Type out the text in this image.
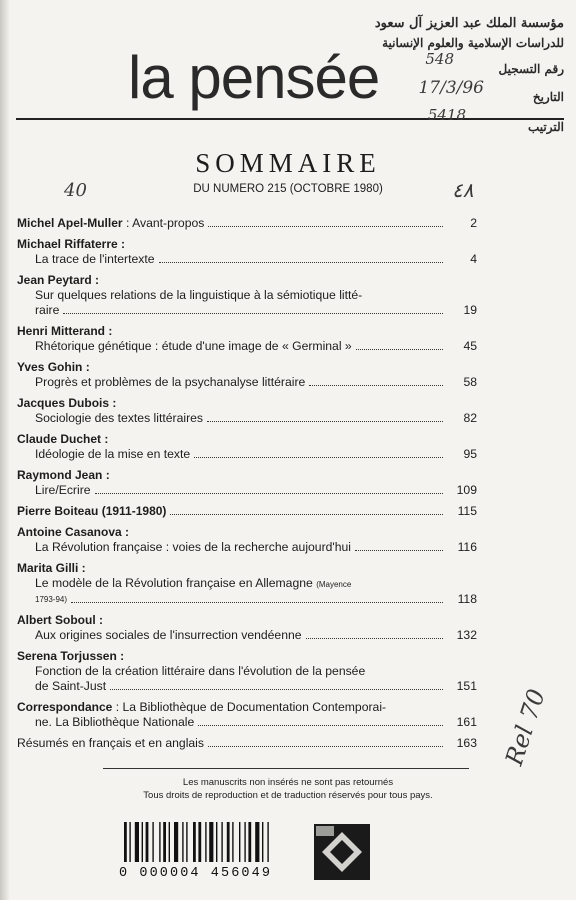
la pensée
مؤسسة الملك عبد العزيز آل سعود
للدراسات الإسلامية والعلوم الإنسانية
رقم التسجيل
التاريخ
الترتيب
548
17/3/96
5418
40	٤٨
Rel 70
SOMMAIRE
DU NUMERO 215 (OCTOBRE 1980)
Michel Apel-Muller : Avant-propos	2
Michael Riffaterre :
La trace de l'intertexte	4
Jean Peytard :
Sur quelques relations de la linguistique à la sémiotique litté-
raire	19
Henri Mitterand :
Rhétorique génétique : étude d'une image de « Germinal »	45
Yves Gohin :
Progrès et problèmes de la psychanalyse littéraire	58
Jacques Dubois :
Sociologie des textes littéraires	82
Claude Duchet :
Idéologie de la mise en texte	95
Raymond Jean :
Lire/Ecrire	109
Pierre Boiteau (1911-1980)	115
Antoine Casanova :
La Révolution française : voies de la recherche aujourd'hui	116
Marita Gilli :
Le modèle de la Révolution française en Allemagne (Mayence
1793-94)	118
Albert Soboul :
Aux origines sociales de l'insurrection vendéenne	132
Serena Torjussen :
Fonction de la création littéraire dans l'évolution de la pensée
de Saint-Just	151
Correspondance : La Bibliothèque de Documentation Contemporai-
ne. La Bibliothèque Nationale	161
Résumés en français et en anglais	163
Les manuscrits non insérés ne sont pas retournés
Tous droits de reproduction et de traduction réservés pour tous pays.
0 000004 456049
